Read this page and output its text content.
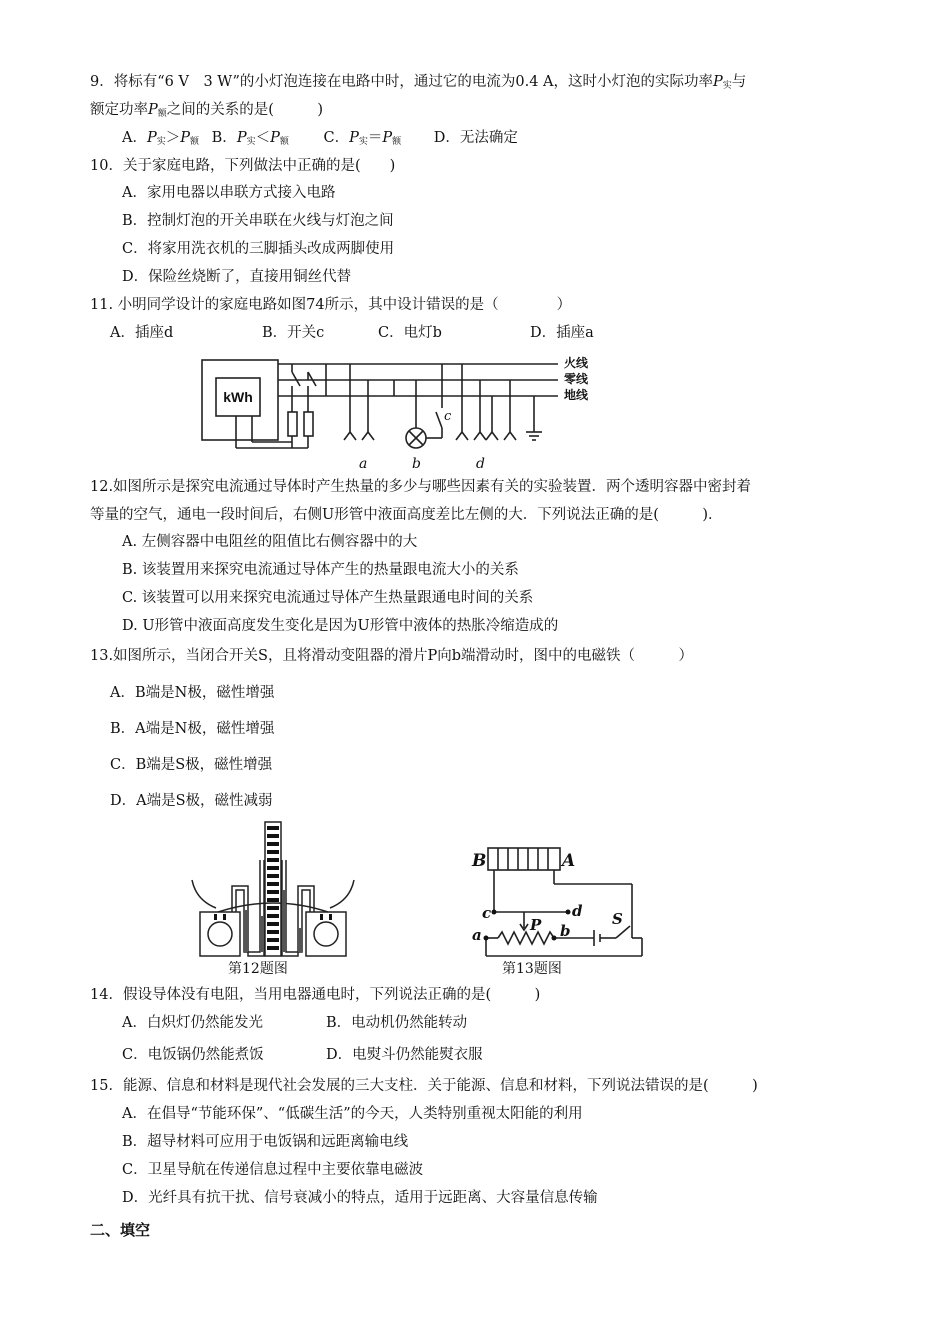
9．将标有“6 V　3 W”的小灯泡连接在电路中时，通过它的电流为0.4 A，这时小灯泡的实际功率$P_实$与
额定功率$P_额$之间的关系的是(　　　)
A．$P_实>P_额$ B．$P_实<P_额$ C．$P_实=P_额$ D．无法确定
10．关于家庭电路，下列做法中正确的是(　　)
A．家用电器以串联方式接入电路
B．控制灯泡的开关串联在火线与灯泡之间
C．将家用洗衣机的三脚插头改成两脚使用
D．保险丝烧断了，直接用铜丝代替
11. 小明同学设计的家庭电路如图74所示，其中设计错误的是（　　　　）
A．插座d	B．开关c	C．电灯b	D．插座a
kWh
火线
零线
地线
a	b	d
c
12.如图所示是探究电流通过导体时产生热量的多少与哪些因素有关的实验装置．两个透明容器中密封着
等量的空气，通电一段时间后，右侧U形管中液面高度差比左侧的大．下列说法正确的是(　　　)．
A. 左侧容器中电阻丝的阻值比右侧容器中的大
B. 该装置用来探究电流通过导体产生的热量跟电流大小的关系
C. 该装置可以用来探究电流通过导体产生热量跟通电时间的关系
D. U形管中液面高度发生变化是因为U形管中液体的热胀冷缩造成的
13.如图所示，当闭合开关S，且将滑动变阻器的滑片P向b端滑动时，图中的电磁铁（　　　）
A．B端是N极，磁性增强
B．A端是N极，磁性增强
C．B端是S极，磁性增强
D．A端是S极，磁性减弱
第12题图
B	A
c	d
a
P b
S
第13题图
14．假设导体没有电阻，当用电器通电时，下列说法正确的是(　　　)
A．白炽灯仍然能发光	B．电动机仍然能转动
C．电饭锅仍然能煮饭	D．电熨斗仍然能熨衣服
15．能源、信息和材料是现代社会发展的三大支柱．关于能源、信息和材料，下列说法错误的是(　　　)
A．在倡导“节能环保”、“低碳生活”的今天，人类特别重视太阳能的利用
B．超导材料可应用于电饭锅和远距离输电线
C．卫星导航在传递信息过程中主要依靠电磁波
D．光纤具有抗干扰、信号衰减小的特点，适用于远距离、大容量信息传输
二、填空
